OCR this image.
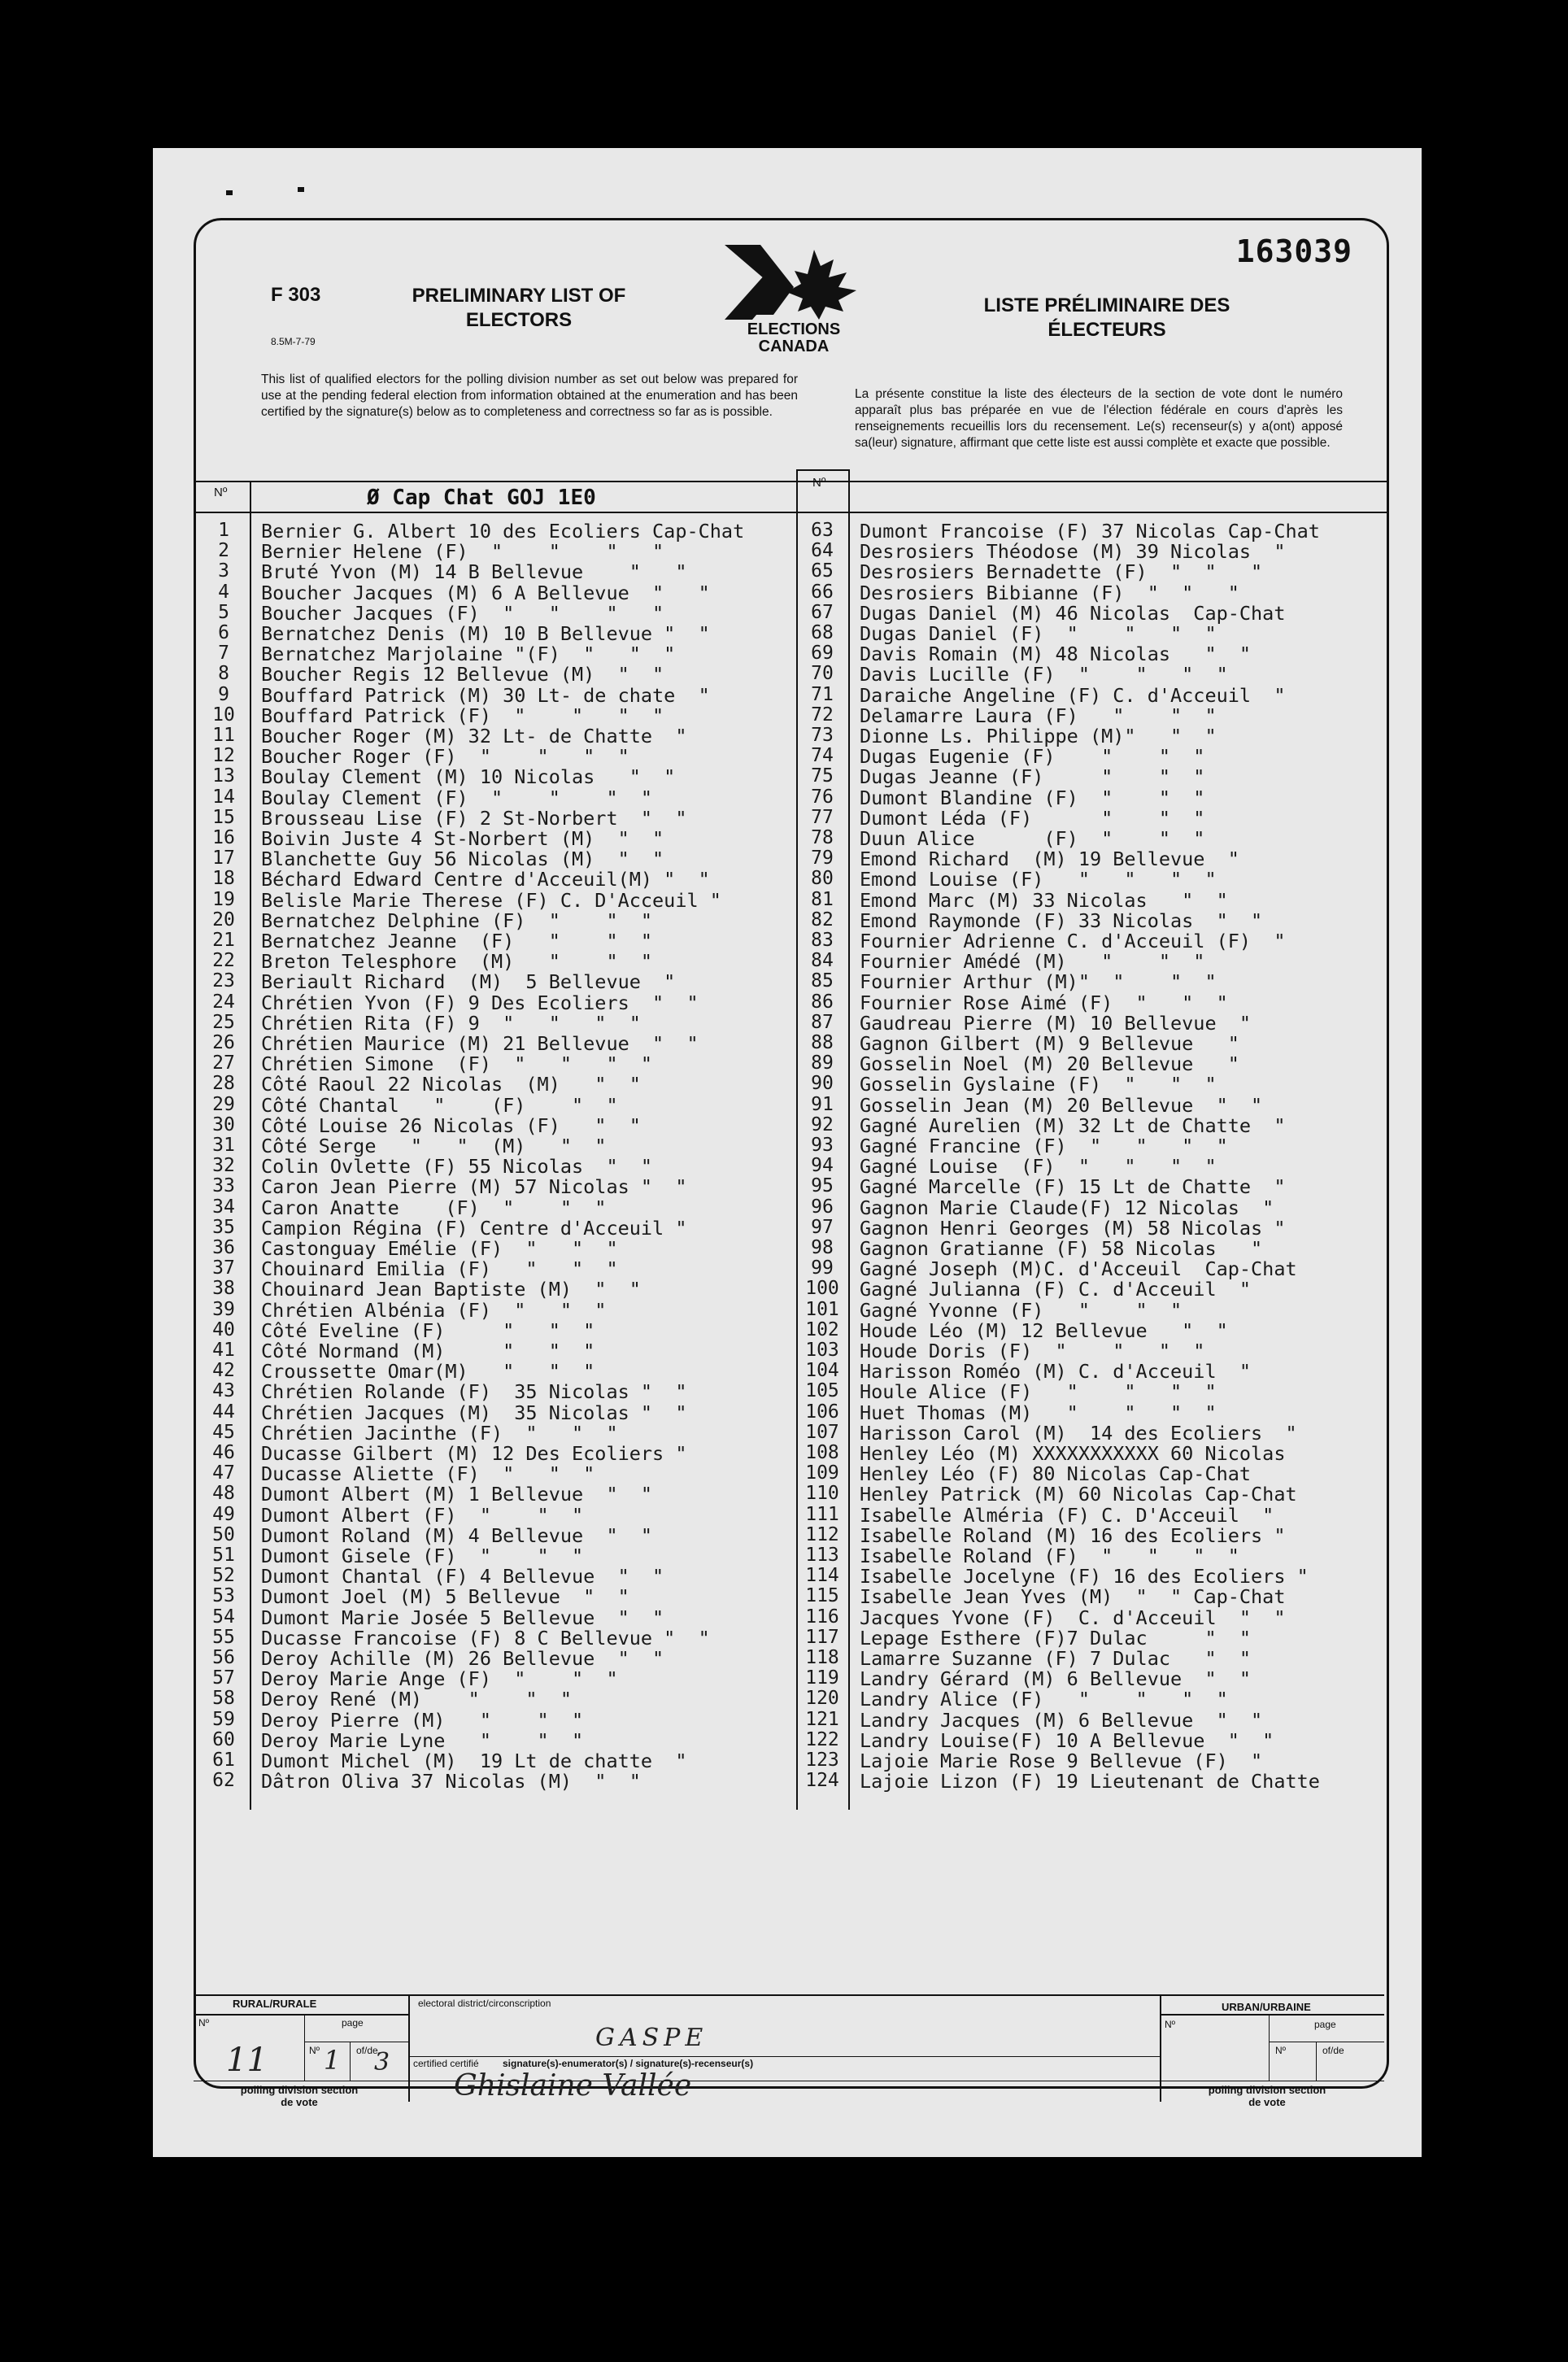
163039
F 303
8.5M-7-79
PRELIMINARY LIST OF ELECTORS	ELECTIONS
CANADA
LISTE PRÉLIMINAIRE DES ÉLECTEURS
This list of qualified electors for the polling division number as set out below was prepared for use at the pending federal election from information obtained at the enumeration and has been certified by the signature(s) below as to completeness and correctness so far as is possible.
La présente constitue la liste des électeurs de la section de vote dont le numéro apparaît plus bas préparée en vue de l'élection fédérale en cours d'après les renseignements recueillis lors du recensement. Le(s) recenseur(s) y a(ont) apposé sa(leur) signature, affirmant que cette liste est aussi complète et exacte que possible.
Nº
Nº
Ø Cap Chat GOJ 1E0
1	Bernier G. Albert 10 des Ecoliers Cap-Chat
2	Bernier Helene (F)  "    "    "   "
3	Bruté Yvon (M) 14 B Bellevue    "   "
4	Boucher Jacques (M) 6 A Bellevue  "   "
5	Boucher Jacques (F)  "   "    "   "
6	Bernatchez Denis (M) 10 B Bellevue "  "
7	Bernatchez Marjolaine "(F)  "   "  "
8	Boucher Regis 12 Bellevue (M)  "  "
9	Bouffard Patrick (M) 30 Lt- de chate  "
10	Bouffard Patrick (F)  "    "   "  "
11	Boucher Roger (M) 32 Lt- de Chatte  "
12	Boucher Roger (F)  "    "   "  "
13	Boulay Clement (M) 10 Nicolas   "  "
14	Boulay Clement (F)  "    "    "  "
15	Brousseau Lise (F) 2 St-Norbert  "  "
16	Boivin Juste 4 St-Norbert (M)  "  "
17	Blanchette Guy 56 Nicolas (M)  "  "
18	Béchard Edward Centre d'Acceuil(M) "  "
19	Belisle Marie Therese (F) C. D'Acceuil "
20	Bernatchez Delphine (F)  "    "  "
21	Bernatchez Jeanne  (F)   "    "  "
22	Breton Telesphore  (M)   "    "  "
23	Beriault Richard  (M)  5 Bellevue  "
24	Chrétien Yvon (F) 9 Des Ecoliers  "  "
25	Chrétien Rita (F) 9  "   "   "  "
26	Chrétien Maurice (M) 21 Bellevue  "  "
27	Chrétien Simone  (F)  "   "   "  "
28	Côté Raoul 22 Nicolas  (M)   "  "
29	Côté Chantal   "    (F)    "  "
30	Côté Louise 26 Nicolas (F)   "  "
31	Côté Serge   "   "  (M)   "  "
32	Colin Ovlette (F) 55 Nicolas  "  "
33	Caron Jean Pierre (M) 57 Nicolas "  "
34	Caron Anatte    (F)  "    "  "
35	Campion Régina (F) Centre d'Acceuil "
36	Castonguay Emélie (F)  "   "  "
37	Chouinard Emilia (F)   "   "  "
38	Chouinard Jean Baptiste (M)  "  "
39	Chrétien Albénia (F)  "   "  "
40	Côté Eveline (F)     "   "  "
41	Côté Normand (M)     "   "  "
42	Croussette Omar(M)   "   "  "
43	Chrétien Rolande (F)  35 Nicolas "  "
44	Chrétien Jacques (M)  35 Nicolas "  "
45	Chrétien Jacinthe (F)  "   "  "
46	Ducasse Gilbert (M) 12 Des Ecoliers "
47	Ducasse Aliette (F)  "   "  "
48	Dumont Albert (M) 1 Bellevue  "  "
49	Dumont Albert (F)  "    "  "
50	Dumont Roland (M) 4 Bellevue  "  "
51	Dumont Gisele (F)  "    "  "
52	Dumont Chantal (F) 4 Bellevue  "  "
53	Dumont Joel (M) 5 Bellevue  "  "
54	Dumont Marie Josée 5 Bellevue  "  "
55	Ducasse Francoise (F) 8 C Bellevue "  "
56	Deroy Achille (M) 26 Bellevue  "  "
57	Deroy Marie Ange (F)  "    "  "
58	Deroy René (M)    "    "  "
59	Deroy Pierre (M)   "    "  "
60	Deroy Marie Lyne   "    "  "
61	Dumont Michel (M)  19 Lt de chatte  "
62	Dâtron Oliva 37 Nicolas (M)  "  "
63	Dumont Francoise (F) 37 Nicolas Cap-Chat
64	Desrosiers Théodose (M) 39 Nicolas  "
65	Desrosiers Bernadette (F)  "  "   "
66	Desrosiers Bibianne (F)  "  "   "
67	Dugas Daniel (M) 46 Nicolas  Cap-Chat
68	Dugas Daniel (F)  "    "   "  "
69	Davis Romain (M) 48 Nicolas   "  "
70	Davis Lucille (F)  "    "   "  "
71	Daraiche Angeline (F) C. d'Acceuil  "
72	Delamarre Laura (F)   "    "  "
73	Dionne Ls. Philippe (M)"   "  "
74	Dugas Eugenie (F)    "    "  "
75	Dugas Jeanne (F)     "    "  "
76	Dumont Blandine (F)  "    "  "
77	Dumont Léda (F)      "    "  "
78	Duun Alice      (F)  "    "  "
79	Emond Richard  (M) 19 Bellevue  "
80	Emond Louise (F)   "   "   "  "
81	Emond Marc (M) 33 Nicolas   "  "
82	Emond Raymonde (F) 33 Nicolas  "  "
83	Fournier Adrienne C. d'Acceuil (F)  "
84	Fournier Amédé (M)   "    "  "
85	Fournier Arthur (M)"  "    "  "
86	Fournier Rose Aimé (F)  "   "  "
87	Gaudreau Pierre (M) 10 Bellevue  "
88	Gagnon Gilbert (M) 9 Bellevue   "
89	Gosselin Noel (M) 20 Bellevue   "
90	Gosselin Gyslaine (F)  "   "  "
91	Gosselin Jean (M) 20 Bellevue  "  "
92	Gagné Aurelien (M) 32 Lt de Chatte  "
93	Gagné Francine (F)  "   "   "  "
94	Gagné Louise  (F)  "   "   "  "
95	Gagné Marcelle (F) 15 Lt de Chatte  "
96	Gagnon Marie Claude(F) 12 Nicolas  "
97	Gagnon Henri Georges (M) 58 Nicolas "
98	Gagnon Gratianne (F) 58 Nicolas   "
99	Gagné Joseph (M)C. d'Acceuil  Cap-Chat
100	Gagné Julianna (F) C. d'Acceuil  "
101	Gagné Yvonne (F)   "    "  "
102	Houde Léo (M) 12 Bellevue   "  "
103	Houde Doris (F)  "    "   "  "
104	Harisson Roméo (M) C. d'Acceuil  "
105	Houle Alice (F)   "    "   "  "
106	Huet Thomas (M)   "    "   "  "
107	Harisson Carol (M)  14 des Ecoliers  "
108	Henley Léo (M) XXXXXXXXXXX 60 Nicolas
109	Henley Léo (F) 80 Nicolas Cap-Chat
110	Henley Patrick (M) 60 Nicolas Cap-Chat
111	Isabelle Alméria (F) C. D'Acceuil  "
112	Isabelle Roland (M) 16 des Ecoliers "
113	Isabelle Roland (F)  "   "   "  "
114	Isabelle Jocelyne (F) 16 des Ecoliers "
115	Isabelle Jean Yves (M)  "  " Cap-Chat
116	Jacques Yvone (F)  C. d'Acceuil  "  "
117	Lepage Esthere (F)7 Dulac     "  "
118	Lamarre Suzanne (F) 7 Dulac   "  "
119	Landry Gérard (M) 6 Bellevue  "  "
120	Landry Alice (F)   "    "   "  "
121	Landry Jacques (M) 6 Bellevue  "  "
122	Landry Louise(F) 10 A Bellevue  "  "
123	Lajoie Marie Rose 9 Bellevue (F)  "
124	Lajoie Lizon (F) 19 Lieutenant de Chatte
RURAL/RURALE	URBAN/URBAINE
electoral district/circonscription
Nº	page
Nº	of/de
Nº	page
Nº	of/de
polling division section de vote
polling division section de vote
certified certifié	signature(s)-enumerator(s) / signature(s)-recenseur(s)
GASPE
11 1 3
Ghislaine Vallée
